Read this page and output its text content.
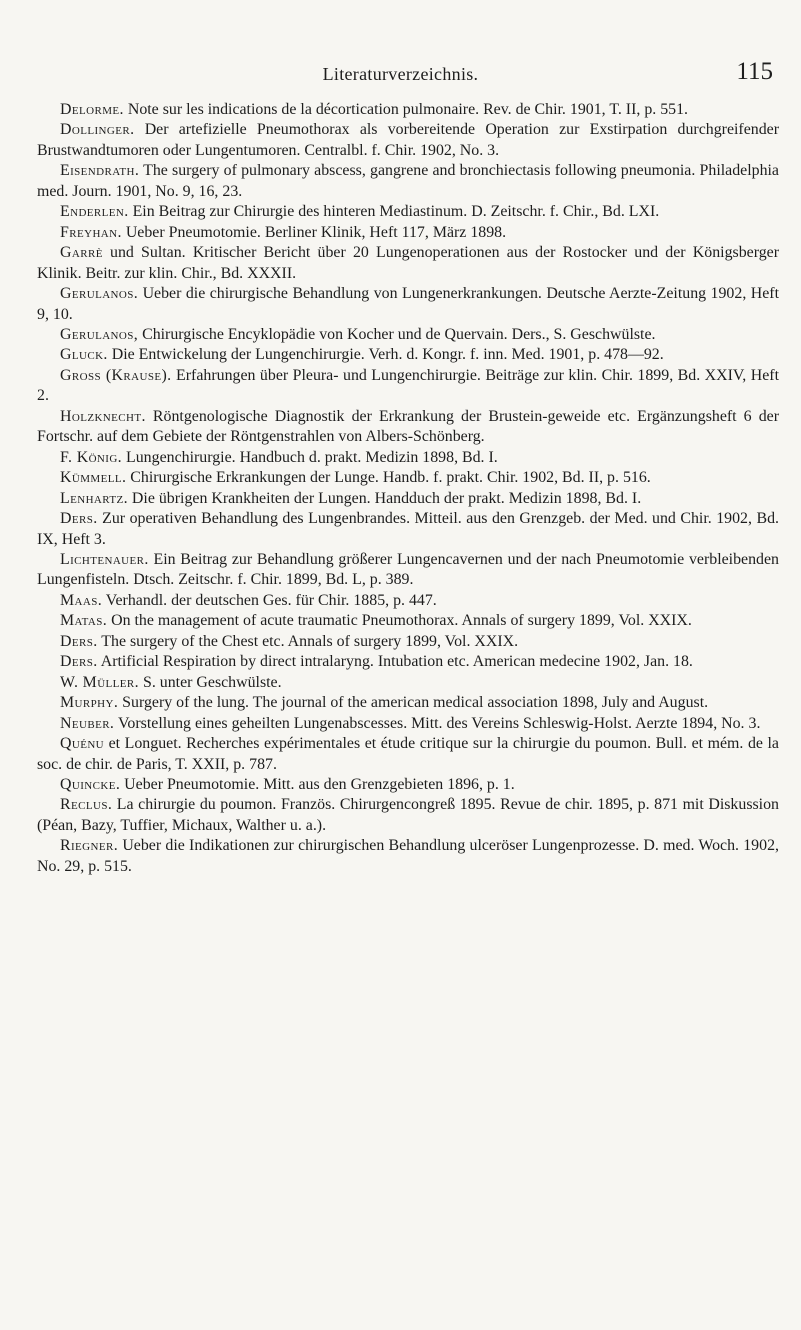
Literaturverzeichnis.	115

Delorme. Note sur les indications de la décortication pulmonaire. Rev. de Chir. 1901, T. II, p. 551.

Dollinger. Der artefizielle Pneumothorax als vorbereitende Operation zur Exstirpation durchgreifender Brustwandtumoren oder Lungentumoren. Centralbl. f. Chir. 1902, No. 3.

Eisendrath. The surgery of pulmonary abscess, gangrene and bronchiectasis following pneumonia. Philadelphia med. Journ. 1901, No. 9, 16, 23.

Enderlen. Ein Beitrag zur Chirurgie des hinteren Mediastinum. D. Zeitschr. f. Chir., Bd. LXI.

Freyhan. Ueber Pneumotomie. Berliner Klinik, Heft 117, März 1898.

Garrè und Sultan. Kritischer Bericht über 20 Lungenoperationen aus der Rostocker und der Königsberger Klinik. Beitr. zur klin. Chir., Bd. XXXII.

Gerulanos. Ueber die chirurgische Behandlung von Lungenerkrankungen. Deutsche Aerzte-Zeitung 1902, Heft 9, 10.

Gerulanos, Chirurgische Encyklopädie von Kocher und de Quervain. Ders., S. Geschwülste.

Gluck. Die Entwickelung der Lungenchirurgie. Verh. d. Kongr. f. inn. Med. 1901, p. 478—92.

Gross (Krause). Erfahrungen über Pleura- und Lungenchirurgie. Beiträge zur klin. Chir. 1899, Bd. XXIV, Heft 2.

Holzknecht. Röntgenologische Diagnostik der Erkrankung der Brustein-geweide etc. Ergänzungsheft 6 der Fortschr. auf dem Gebiete der Röntgenstrahlen von Albers-Schönberg.

F. König. Lungenchirurgie. Handbuch d. prakt. Medizin 1898, Bd. I.

Kümmell. Chirurgische Erkrankungen der Lunge. Handb. f. prakt. Chir. 1902, Bd. II, p. 516.

Lenhartz. Die übrigen Krankheiten der Lungen. Handduch der prakt. Medizin 1898, Bd. I.

Ders. Zur operativen Behandlung des Lungenbrandes. Mitteil. aus den Grenzgeb. der Med. und Chir. 1902, Bd. IX, Heft 3.

Lichtenauer. Ein Beitrag zur Behandlung größerer Lungencavernen und der nach Pneumotomie verbleibenden Lungenfisteln. Dtsch. Zeitschr. f. Chir. 1899, Bd. L, p. 389.

Maas. Verhandl. der deutschen Ges. für Chir. 1885, p. 447.

Matas. On the management of acute traumatic Pneumothorax. Annals of surgery 1899, Vol. XXIX.

Ders. The surgery of the Chest etc. Annals of surgery 1899, Vol. XXIX.

Ders. Artificial Respiration by direct intralaryng. Intubation etc. American medecine 1902, Jan. 18.

W. Müller. S. unter Geschwülste.

Murphy. Surgery of the lung. The journal of the american medical association 1898, July and August.

Neuber. Vorstellung eines geheilten Lungenabscesses. Mitt. des Vereins Schleswig-Holst. Aerzte 1894, No. 3.

Quénu et Longuet. Recherches expérimentales et étude critique sur la chirurgie du poumon. Bull. et mém. de la soc. de chir. de Paris, T. XXII, p. 787.

Quincke. Ueber Pneumotomie. Mitt. aus den Grenzgebieten 1896, p. 1.

Reclus. La chirurgie du poumon. Französ. Chirurgencongreß 1895. Revue de chir. 1895, p. 871 mit Diskussion (Péan, Bazy, Tuffier, Michaux, Walther u. a.).

Riegner. Ueber die Indikationen zur chirurgischen Behandlung ulceröser Lungenprozesse. D. med. Woch. 1902, No. 29, p. 515.
